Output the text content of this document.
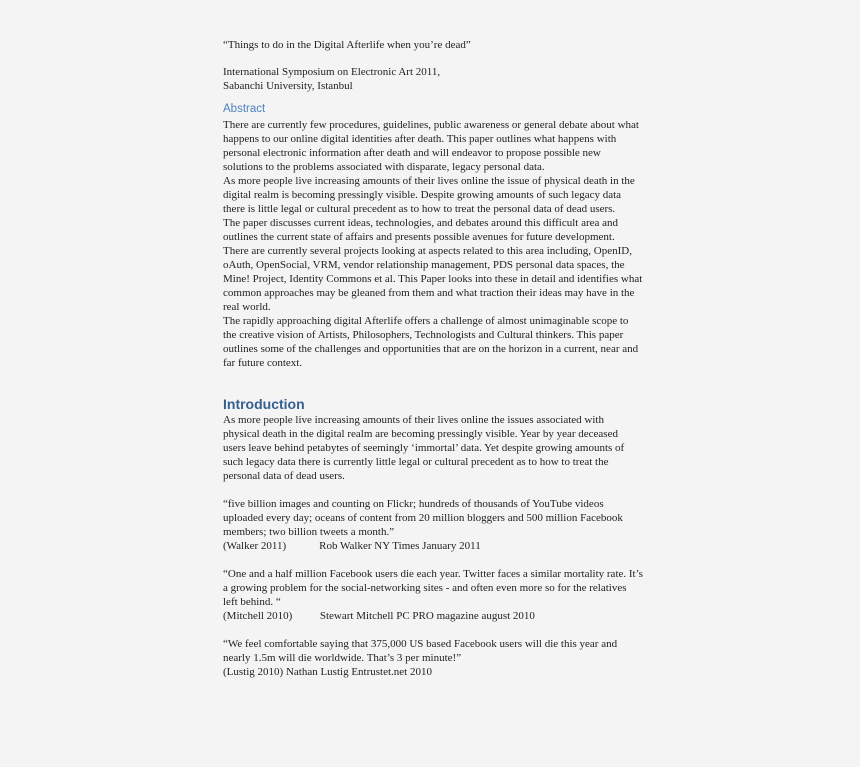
“Things to do in the Digital Afterlife when you’re dead”

International Symposium on Electronic Art 2011,

Sabanchi University, Istanbul

Abstract

There are currently few procedures, guidelines, public awareness or general debate about what happens to our online digital identities after death. This paper outlines what happens with personal electronic information after death and will endeavor to propose possible new solutions to the problems associated with disparate, legacy personal data.

As more people live increasing amounts of their lives online the issue of physical death in the digital realm is becoming pressingly visible. Despite growing amounts of such legacy data there is little legal or cultural precedent as to how to treat the personal data of dead users.

The paper discusses current ideas, technologies, and debates around this difficult area and outlines the current state of affairs and presents possible avenues for future development.

There are currently several projects looking at aspects related to this area including, OpenID, oAuth, OpenSocial, VRM, vendor relationship management, PDS personal data spaces, the Mine! Project, Identity Commons et al. This Paper looks into these in detail and identifies what common approaches may be gleaned from them and what traction their ideas may have in the real world.

The rapidly approaching digital Afterlife offers a challenge of almost unimaginable scope to the creative vision of Artists, Philosophers, Technologists and Cultural thinkers. This paper outlines some of the challenges and opportunities that are on the horizon in a current, near and far future context.

Introduction

As more people live increasing amounts of their lives online the issues associated with physical death in the digital realm are becoming pressingly visible. Year by year deceased users leave behind petabytes of seemingly ‘immortal’ data. Yet despite growing amounts of such legacy data there is currently little legal or cultural precedent as to how to treat the personal data of dead users.

“five billion images and counting on Flickr; hundreds of thousands of YouTube videos uploaded every day; oceans of content from 20 million bloggers and 500 million Facebook members; two billion tweets a month.”

(Walker 2011)            Rob Walker NY Times January 2011

“One and a half million Facebook users die each year. Twitter faces a similar mortality rate. It’s a growing problem for the social-networking sites - and often even more so for the relatives left behind. “

(Mitchell 2010)          Stewart Mitchell PC PRO magazine august 2010

“We feel comfortable saying that 375,000 US based Facebook users will die this year and nearly 1.5m will die worldwide. That’s 3 per minute!”

(Lustig 2010) Nathan Lustig Entrustet.net 2010
